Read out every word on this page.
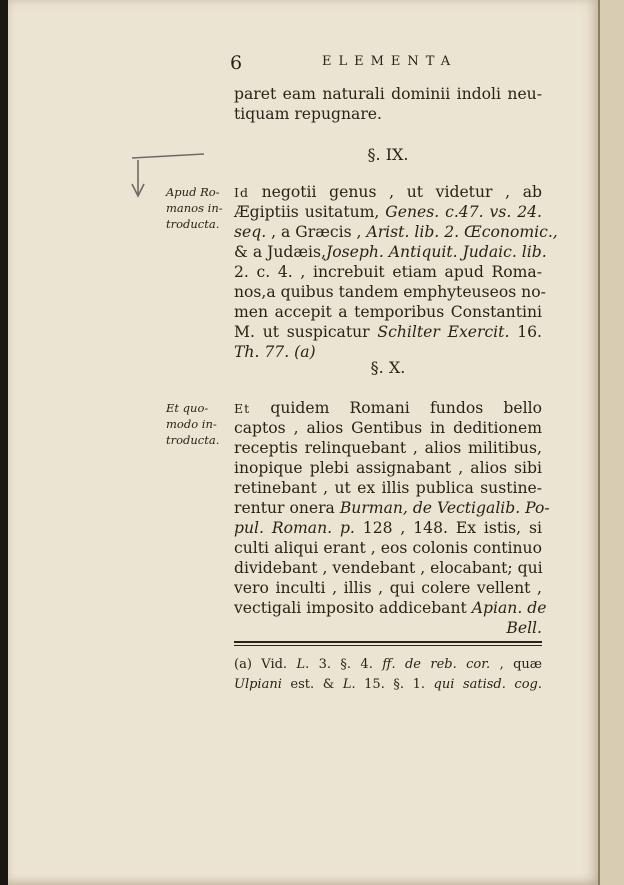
6	ELEMENTA
paret eam naturali dominii indoli neu-
tiquam repugnare.
§. IX.
Apud Ro-
manos in-
troducta.
Id negotii genus , ut videtur , ab
Ægiptiis usitatum, Genes. c.47. vs. 24.
seq. , a Græcis , Arist. lib. 2. Œconomic.,
& a Judæis,Joseph. Antiquit. Judaic. lib.
2. c. 4. , increbuit etiam apud Roma-
nos,a quibus tandem emphyteuseos no-
men accepit a temporibus Constantini
M. ut suspicatur Schilter Exercit. 16.
Th. 77. (a)
§. X.
Et quo-
modo in-
troducta.
Et quidem Romani fundos bello
captos , alios Gentibus in deditionem
receptis relinquebant , alios militibus,
inopique plebi assignabant , alios sibi
retinebant , ut ex illis publica sustine-
rentur onera Burman, de Vectigalib. Po-
pul. Roman. p. 128 , 148. Ex istis, si
culti aliqui erant , eos colonis continuo
dividebant , vendebant , elocabant; qui
vero inculti , illis , qui colere vellent ,
vectigali imposito addicebant Apian. de
Bell.
(a) Vid. L. 3. §. 4. ff. de reb. cor. , quæ
Ulpiani est. & L. 15. §. 1. qui satisd. cog.
